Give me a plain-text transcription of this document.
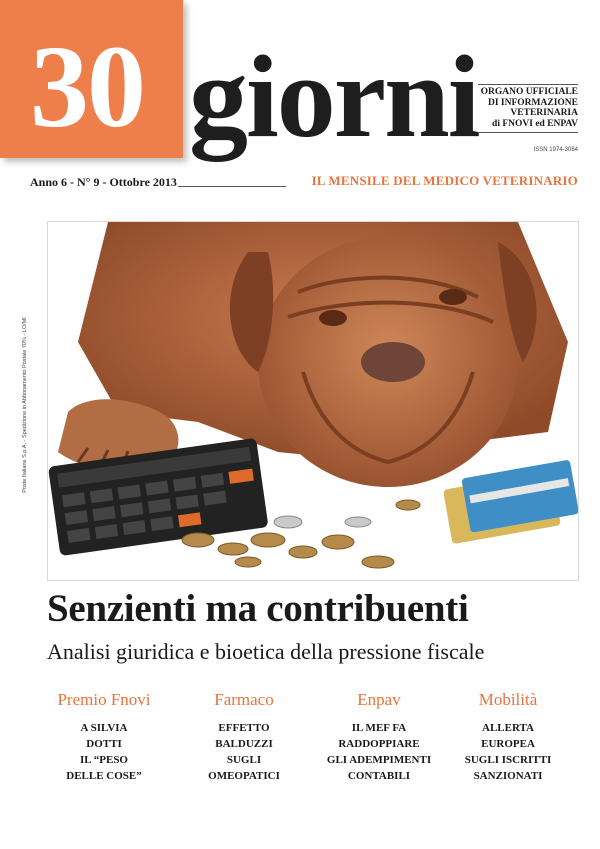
30 giorni ORGANO UFFICIALE
DI INFORMAZIONE
VETERINARIA
di FNOVI ed ENPAV
ISSN 1974-3084
Anno 6 - N° 9 - Ottobre 2013	IL MENSILE DEL MEDICO VETERINARIO
Poste Italiane S.p.A. - Spedizione in Abbonamento Postale 70% - LO/MI
Senzienti ma contribuenti
Analisi giuridica e bioetica della pressione fiscale
Premio Fnovi
A SILVIA
DOTTI
IL “PESO
DELLE COSE”
Farmaco
EFFETTO
BALDUZZI
SUGLI
OMEOPATICI
Enpav
IL MEF FA
RADDOPPIARE
GLI ADEMPIMENTI
CONTABILI
Mobilità
ALLERTA
EUROPEA
SUGLI ISCRITTI
SANZIONATI
